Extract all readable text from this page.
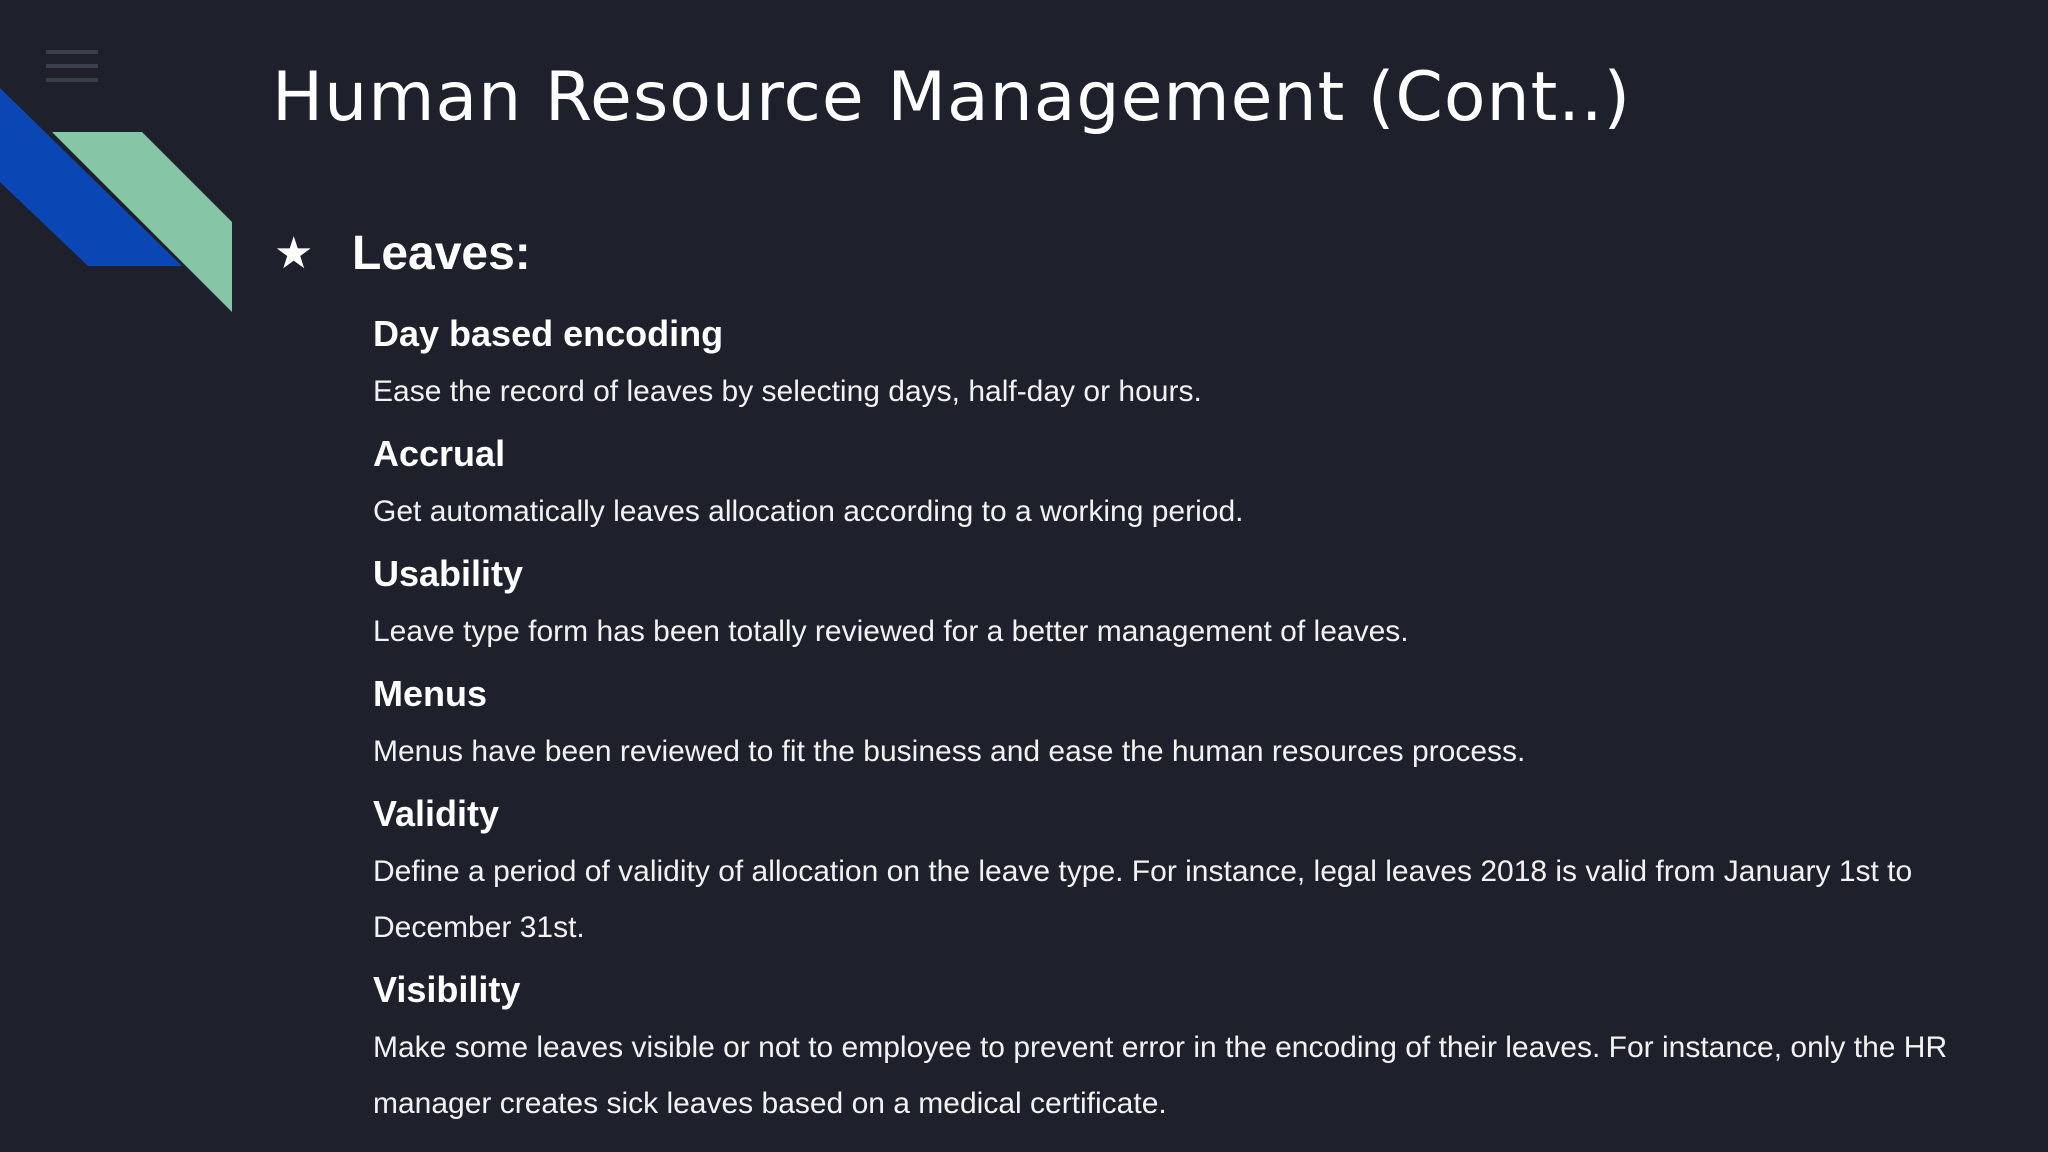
Human Resource Management (Cont..)
★ Leaves:

Day based encoding

Ease the record of leaves by selecting days, half-day or hours.

Accrual

Get automatically leaves allocation according to a working period.

Usability

Leave type form has been totally reviewed for a better management of leaves.

Menus

Menus have been reviewed to fit the business and ease the human resources process.

Validity

Define a period of validity of allocation on the leave type. For instance, legal leaves 2018 is valid from January 1st to December 31st.

Visibility

Make some leaves visible or not to employee to prevent error in the encoding of their leaves. For instance, only the HR manager creates sick leaves based on a medical certificate.
